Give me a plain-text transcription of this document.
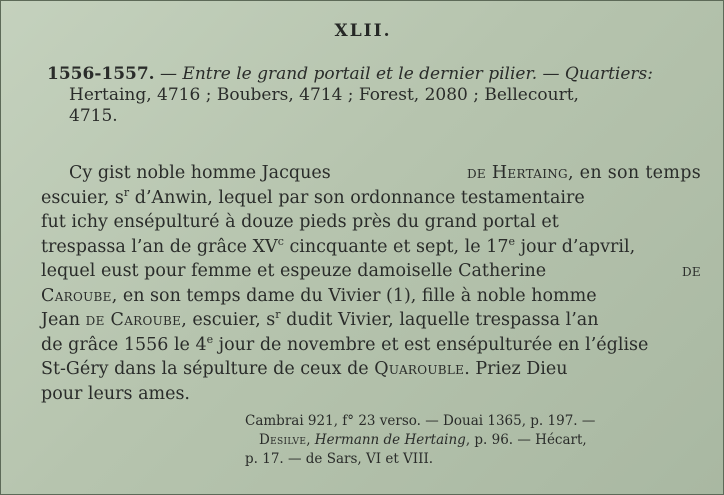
XLII.
1556-1557. — Entre le grand portail et le dernier pilier. — Quartiers:
Hertaing, 4716 ; Boubers, 4714 ; Forest, 2080 ; Bellecourt,
4715.
Cy gist noble homme Jacques	de Hertaing, en son temps
escuier, $s^r$ d’Anwin, lequel par son ordonnance testamentaire
fut ichy ensépulturé à douze pieds près du grand portal et
trespassa l’an de grâce $XV^c$ cincquante et sept, le 17e jour d’apvril,
lequel eust pour femme et espeuze damoiselle Catherine	de
Caroube, en son temps dame du Vivier (1), fille à noble homme
Jean de Caroube, escuier, $s^r$ dudit Vivier, laquelle trespassa l’an
de grâce 1556 le 4e jour de novembre et est ensépulturée en l’église
St-Géry dans la sépulture de ceux de Quarouble. Priez Dieu
pour leurs ames.
Cambrai 921, f° 23 verso. — Douai 1365, p. 197. —
Desilve, Hermann de Hertaing, p. 96. — Hécart,
p. 17. — de Sars, VI et VIII.
